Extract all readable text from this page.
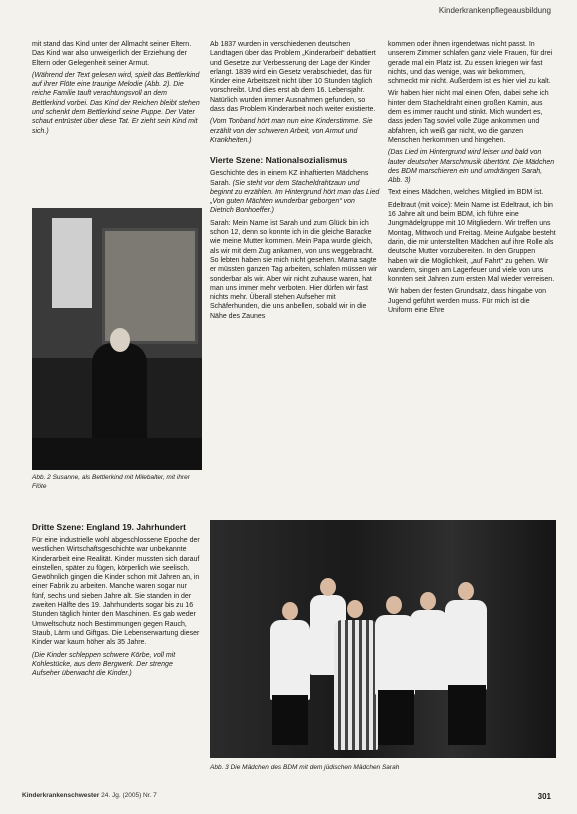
Kinderkrankenpflegeausbildung

mit stand das Kind unter der Allmacht seiner Eltern. Das Kind war also unweigerlich der Erziehung der Eltern oder Gelegenheit seiner Armut.

(Während der Text gelesen wird, spielt das Bettlerkind auf ihrer Flöte eine traurige Melodie (Abb. 2). Die reiche Familie tauft verachtungsvoll an dem Bettlerkind vorbei. Das Kind der Reichen bleibt stehen und schenkt dem Bettlerkind seine Puppe. Der Vater schaut entrüstet über diese Tat. Er zieht sein Kind mit sich.)

Abb. 2 Susanne, als Bettlerkind mit Milebalter, mit ihrer Flöte

Ab 1837 wurden in verschiedenen deutschen Landtagen über das Problem „Kinderarbeit“ debattiert und Gesetze zur Verbesserung der Lage der Kinder erlangt. 1839 wird ein Gesetz verabschiedet, das für Kinder eine Arbeitszeit nicht über 10 Stunden täglich vorschreibt. Und dies erst ab dem 16. Lebensjahr. Natürlich wurden immer Ausnahmen gefunden, so dass das Problem Kinderarbeit noch weiter existierte.

(Vom Tonband hört man nun eine Kinderstimme. Sie erzählt von der schweren Arbeit, von Armut und Krankheiten.)

Vierte Szene: Nationalsozialismus

Geschichte des in einem KZ inhaftierten Mädchens Sarah. (Sie steht vor dem Stacheldrahtzaun und beginnt zu erzählen. Im Hintergrund hört man das Lied „Von guten Mächten wunderbar geborgen“ von Dietrich Bonhoeffer.)

Sarah: Mein Name ist Sarah und zum Glück bin ich schon 12, denn so konnte ich in die gleiche Baracke wie meine Mutter kommen. Mein Papa wurde gleich, als wir mit dem Zug ankamen, von uns weggebracht. So lebten haben sie mich nicht gesehen. Mama sagte er müssten ganzen Tag arbeiten, schlafen müssen wir sonderbar als wir. Aber wir nicht zuhause waren, hat man uns immer mehr verboten. Hier dürfen wir fast nichts mehr. Überall stehen Aufseher mit Schäferhunden, die uns anbellen, sobald wir in die Nähe des Zaunes

kommen oder ihnen irgendetwas nicht passt. In unserem Zimmer schlafen ganz viele Frauen, für drei gerade mal ein Platz ist. Zu essen kriegen wir fast nichts, und das wenige, was wir bekommen, schmeckt mir nicht. Außerdem ist es hier viel zu kalt.

Wir haben hier nicht mal einen Ofen, dabei sehe ich hinter dem Stacheldraht einen großen Kamin, aus dem es immer raucht und stinkt. Mich wundert es, dass jeden Tag soviel volle Züge ankommen und abfahren, ich weiß gar nicht, wo die ganzen Menschen herkommen und hingehen.

(Das Lied im Hintergrund wird leiser und bald von lauter deutscher Marschmusik übertönt. Die Mädchen des BDM marschieren ein und umdrängen Sarah, Abb. 3)

Text eines Mädchen, welches Mitglied im BDM ist.

Edeltraut (mit voice): Mein Name ist Edeltraut, ich bin 16 Jahre alt und beim BDM, ich führe eine Jungmädelgruppe mit 10 Mitgliedern. Wir treffen uns Montag, Mittwoch und Freitag. Meine Aufgabe besteht darin, die mir unterstellten Mädchen auf ihre Rolle als deutsche Mutter vorzubereiten. In den Gruppen haben wir die Möglichkeit, „auf Fahrt“ zu gehen. Wir wandern, singen am Lagerfeuer und viele von uns konnten seit Jahren zum ersten Mal wieder verreisen.

Wir haben der festen Grundsatz, dass hingabe von Jugend geführt werden muss. Für mich ist die Uniform eine Ehre

Dritte Szene: England 19. Jahrhundert

Für eine industrielle wohl abgeschlossene Epoche der westlichen Wirtschaftsgeschichte war unbekannte Kinderarbeit eine Realität. Kinder mussten sich darauf einstellen, später zu fügen, körperlich wie seelisch. Gewöhnlich gingen die Kinder schon mit Jahren an, in einer Fabrik zu arbeiten. Manche waren sogar nur fünf, sechs und sieben Jahre alt. Sie standen in der zweiten Hälfte des 19. Jahrhunderts sogar bis zu 16 Stunden täglich hinter den Maschinen. Es gab weder Umweltschutz noch Bestimmungen gegen Rauch, Staub, Lärm und Giftgas. Die Lebenserwartung dieser Kinder war kaum höher als 35 Jahre.

(Die Kinder schleppen schwere Körbe, voll mit Kohlestücke, aus dem Bergwerk. Der strenge Aufseher überwacht die Kinder.)

Abb. 3 Die Mädchen des BDM mit dem jüdischen Mädchen Sarah
Kinderkrankenschwester 24. Jg. (2005) Nr. 7	301
